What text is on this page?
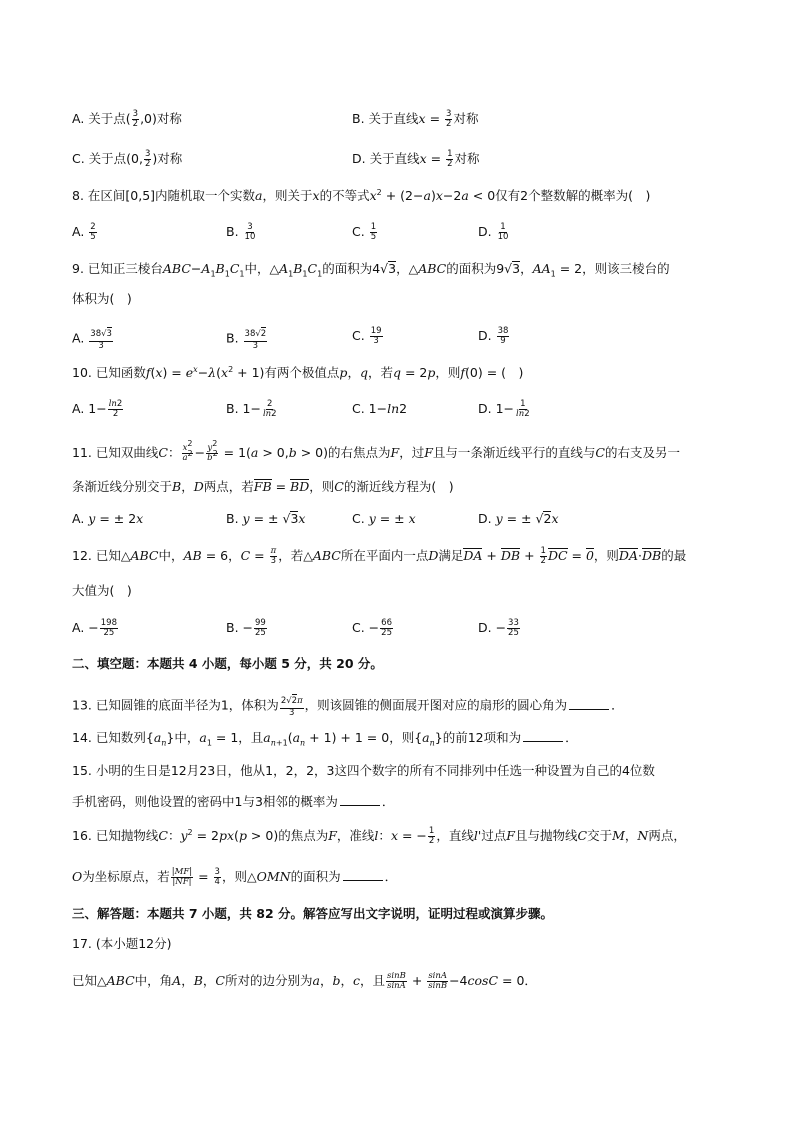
A. 关于点( $\frac{3}{2} ,0$)对称	B. 关于直线$x = \frac{3}{2}$ 对称
C. 关于点(0, $\frac{3}{2}$ )对称	D. 关于直线$x = \frac{1}{2}$ 对称
8. 在区间[0,5]内随机取一个实数a，则关于x的不等式$x^2 + (2-a)x-2a < 0$仅有2个整数解的概率为(　)
A. $\frac{2}{5}$	B. $\frac{3}{10}$	C. $\frac{1}{5}$	D. $\frac{1}{10}$
9. 已知正三棱台$ABC-A_1B_1C_1$中，$\triangle A_1B_1C_1$的面积为4√3，△ABC的面积为9√3，$AA_1 = 2$，则该三棱台的
体积为(　)
A. $\frac{38√3}{3}$	B. $\frac{38√2}{3}$	C. $\frac{19}{3}$	D. $\frac{38}{9}$
10. 已知函数$f(x) = e^x-\lambda(x^2 + 1)$有两个极值点p，q，若q = 2p，则f(0) = (　)
A. $1- \frac{\ln 2}{2}$	B. $1- \frac{2}{\ln 2}$	C. 1−ln2	D. $1- \frac{1}{\ln 2}$
11. 已知双曲线C： $\frac{x^2}{a^2} - \frac{y^2}{b^2} = 1(a > 0,b > 0)$的右焦点为F，过F且与一条渐近线平行的直线与C的右支及另一
条渐近线分别交于B，D两点，若FB = BD，则C的渐近线方程为(　)
A. y = ± 2x	B. y = ± √3x	C. y = ± x	D. y = ± √2x
12. 已知△ABC中，AB = 6，$C = \frac{\pi}{3}$ ，若△ABC所在平面内一点D满足DA + DB + $\frac{1}{2}$ DC = 0，则DA·DB的最
大值为(　)
A. − $\frac{198}{25}$	B. − $\frac{99}{25}$	C. − $\frac{66}{25}$	D. − $\frac{33}{25}$
二、填空题：本题共 4 小题，每小题 5 分，共 20 分。
13. 已知圆锥的底面半径为1，体积为 $\frac{2√2\pi}{3}$ ，则该圆锥的侧面展开图对应的扇形的圆心角为	．
14. 已知数列$\{a_n\}$中，$a_1 = 1$，且$a_{n+1}(a_n + 1) + 1 = 0$，则$\{a_n\}$的前12项和为	．
15. 小明的生日是12月23日，他从1，2，2，3这四个数字的所有不同排列中任选一种设置为自己的4位数
手机密码，则他设置的密码中1与3相邻的概率为	．
16. 已知抛物线C：$y^2 = 2px(p > 0)$的焦点为F，准线l：x = − $\frac{1}{2}$ ，直线l'过点F且与抛物线C交于M，N两点，
O为坐标原点，若 $\frac{|MF|}{|NF|} = \frac{3}{4}$ ，则△OMN的面积为	．
三、解答题：本题共 7 小题，共 82 分。解答应写出文字说明，证明过程或演算步骤。
17. (本小题12分)
已知△ABC中，角A，B，C所对的边分别为a，b，c，且 $\frac{\sin B}{\sin A} + \frac{\sin A}{\sin B} -4\cos C = 0$．
